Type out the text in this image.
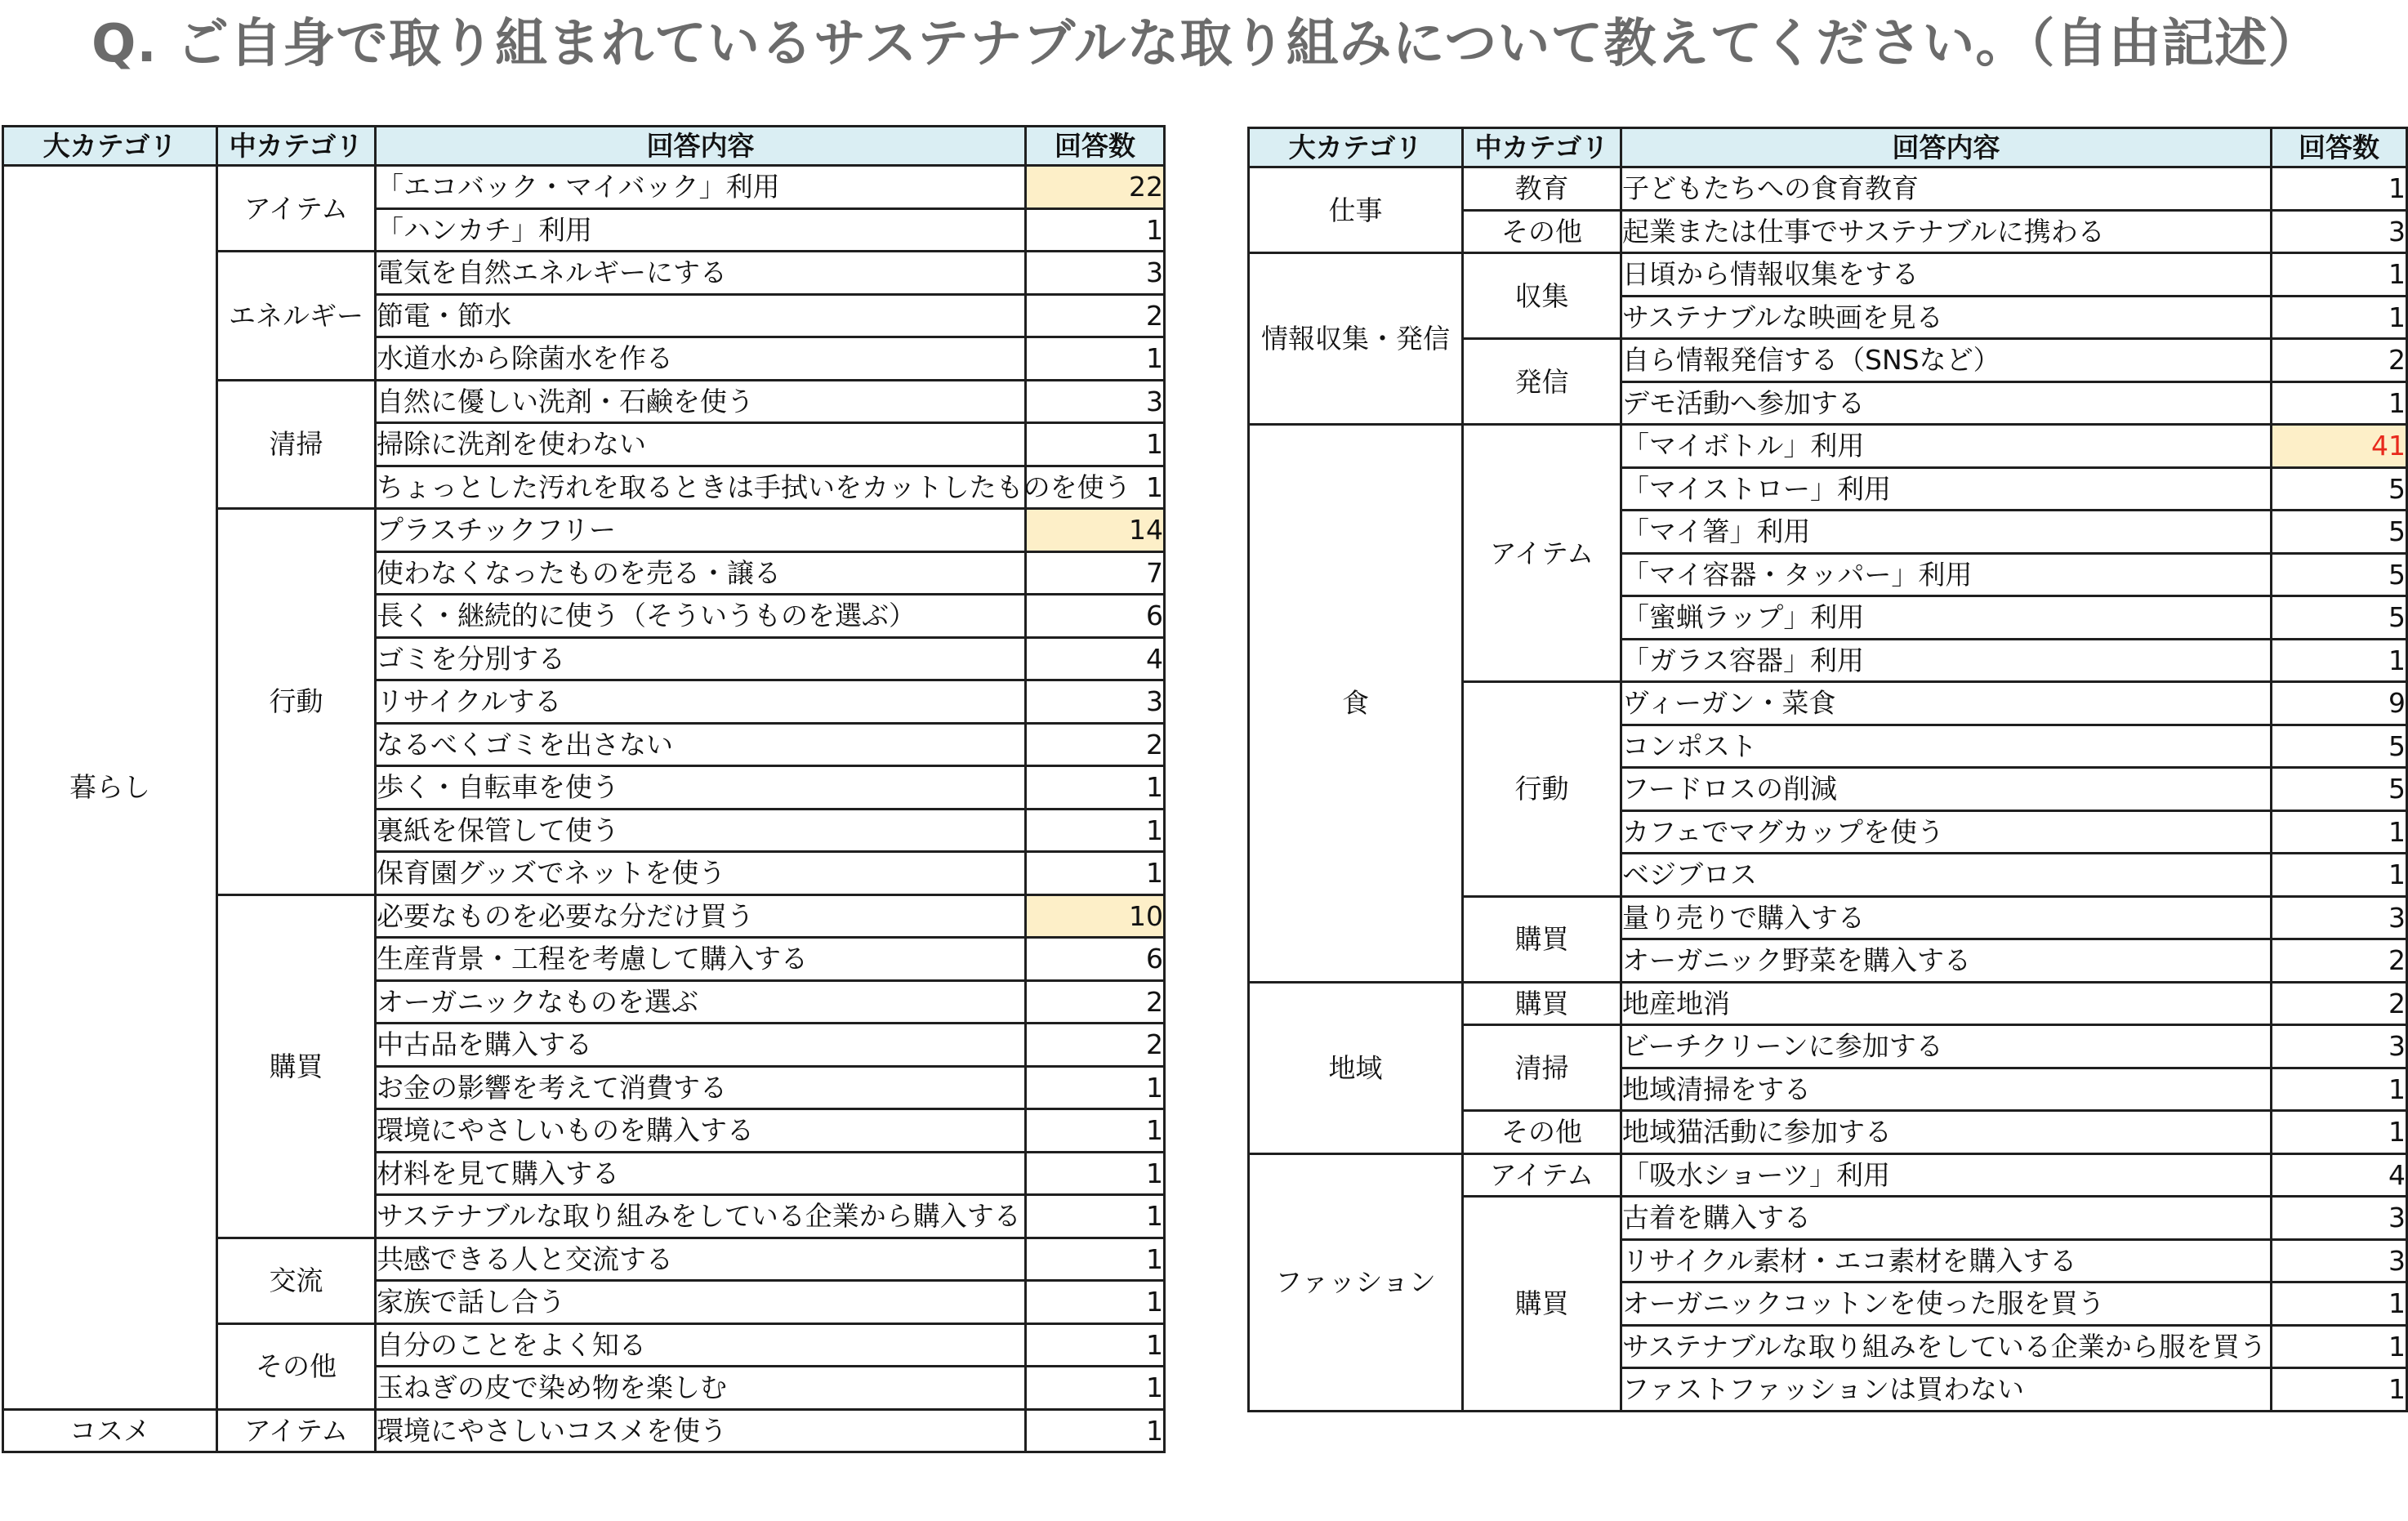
Q. ご自身で取り組まれているサステナブルな取り組みについて教えてください。（自由記述）
大カテゴリ	中カテゴリ	回答内容	回答数
暮らし	アイテム	「エコバック・マイバック」利用	22
		「ハンカチ」利用	1
	エネルギー	電気を自然エネルギーにする	3
		節電・節水	2
		水道水から除菌水を作る	1
	清掃	自然に優しい洗剤・石鹸を使う	3
		掃除に洗剤を使わない	1
		ちょっとした汚れを取るときは手拭いをカットしたものを使う	1
	行動	プラスチックフリー	14
		使わなくなったものを売る・譲る	7
		長く・継続的に使う（そういうものを選ぶ）	6
		ゴミを分別する	4
		リサイクルする	3
		なるべくゴミを出さない	2
		歩く・自転車を使う	1
		裏紙を保管して使う	1
		保育園グッズでネットを使う	1
	購買	必要なものを必要な分だけ買う	10
		生産背景・工程を考慮して購入する	6
		オーガニックなものを選ぶ	2
		中古品を購入する	2
		お金の影響を考えて消費する	1
		環境にやさしいものを購入する	1
		材料を見て購入する	1
		サステナブルな取り組みをしている企業から購入する	1
	交流	共感できる人と交流する	1
		家族で話し合う	1
	その他	自分のことをよく知る	1
		玉ねぎの皮で染め物を楽しむ	1
コスメ	アイテム	環境にやさしいコスメを使う	1
大カテゴリ	中カテゴリ	回答内容	回答数
仕事	教育	子どもたちへの食育教育	1
	その他	起業または仕事でサステナブルに携わる	3
情報収集・発信	収集	日頃から情報収集をする	1
		サステナブルな映画を見る	1
	発信	自ら情報発信する（SNSなど）	2
		デモ活動へ参加する	1
食	アイテム	「マイボトル」利用	41
		「マイストロー」利用	5
		「マイ箸」利用	5
		「マイ容器・タッパー」利用	5
		「蜜蝋ラップ」利用	5
		「ガラス容器」利用	1
	行動	ヴィーガン・菜食	9
		コンポスト	5
		フードロスの削減	5
		カフェでマグカップを使う	1
		ベジブロス	1
	購買	量り売りで購入する	3
		オーガニック野菜を購入する	2
地域	購買	地産地消	2
	清掃	ビーチクリーンに参加する	3
		地域清掃をする	1
	その他	地域猫活動に参加する	1
ファッション	アイテム	「吸水ショーツ」利用	4
	購買	古着を購入する	3
		リサイクル素材・エコ素材を購入する	3
		オーガニックコットンを使った服を買う	1
		サステナブルな取り組みをしている企業から服を買う	1
		ファストファッションは買わない	1
